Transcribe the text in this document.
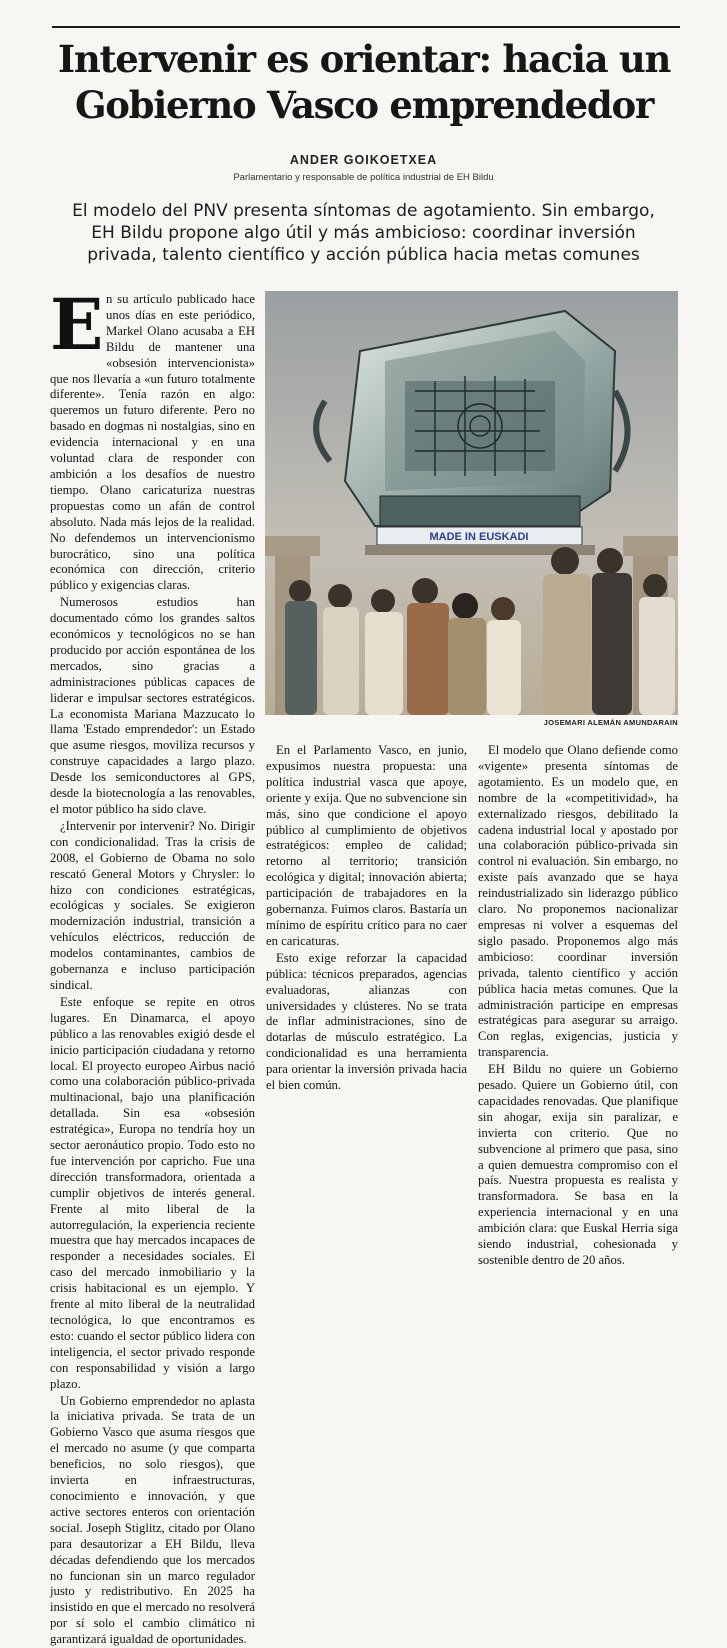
Intervenir es orientar: hacia un
Gobierno Vasco emprendedor
ANDER GOIKOETXEA
Parlamentario y responsable de política industrial de EH Bildu

El modelo del PNV presenta síntomas de agotamiento. Sin embargo,
EH Bildu propone algo útil y más ambicioso: coordinar inversión
privada, talento científico y acción pública hacia metas comunes

En su artículo publicado hace unos días en este periódico, Markel Olano acusaba a EH Bildu de mantener una «obsesión intervencionista» que nos llevaría a «un futuro totalmente diferente». Tenía razón en algo: queremos un futuro diferente. Pero no basado en dogmas ni nostalgias, sino en evidencia internacional y en una voluntad clara de responder con ambición a los desafíos de nuestro tiempo. Olano caricaturiza nuestras propuestas como un afán de control absoluto. Nada más lejos de la realidad. No defendemos un intervencionismo burocrático, sino una política económica con dirección, criterio público y exigencias claras.

Numerosos estudios han documentado cómo los grandes saltos económicos y tecnológicos no se han producido por acción espontánea de los mercados, sino gracias a administraciones públicas capaces de liderar e impulsar sectores estratégicos. La economista Mariana Mazzucato lo llama 'Estado emprendedor': un Estado que asume riesgos, moviliza recursos y construye capacidades a largo plazo. Desde los semiconductores al GPS, desde la biotecnología a las renovables, el motor público ha sido clave.

¿Intervenir por intervenir? No. Dirigir con condicionalidad. Tras la crisis de 2008, el Gobierno de Obama no solo rescató General Motors y Chrysler: lo hizo con condiciones estratégicas, ecológicas y sociales. Se exigieron modernización industrial, transición a vehículos eléctricos, reducción de modelos contaminantes, cambios de gobernanza e incluso participación sindical.

Este enfoque se repite en otros lugares. En Dinamarca, el apoyo público a las renovables exigió desde el inicio participación ciudadana y retorno local. El proyecto europeo Airbus nació como una colaboración público-privada multinacional, bajo una planificación detallada. Sin esa «obsesión estratégica», Europa no tendría hoy un sector aeronáutico propio. Todo esto no fue intervención por capricho. Fue una dirección transformadora, orientada a cumplir objetivos de interés general. Frente al mito liberal de la autorregulación, la experiencia reciente muestra que hay mercados incapaces de responder a necesidades sociales. El caso del mercado inmobiliario y la crisis habitacional es un ejemplo. Y frente al mito liberal de la neutralidad tecnológica, lo que encontramos es esto: cuando el sector público lidera con inteligencia, el sector privado responde con responsabilidad y visión a largo plazo.

Un Gobierno emprendedor no aplasta la iniciativa privada. Se trata de un Gobierno Vasco que asuma riesgos que el mercado no asume (y que comparta beneficios, no solo riesgos), que invierta en infraestructuras, conocimiento e innovación, y que active sectores enteros con orientación social. Joseph Stiglitz, citado por Olano para desautorizar a EH Bildu, lleva décadas defendiendo que los mercados no funcionan sin un marco regulador justo y redistributivo. En 2025 ha insistido en que el mercado no resolverá por sí solo el cambio climático ni garantizará igualdad de oportunidades.

MADE IN EUSKADI
JOSEMARI ALEMÁN AMUNDARAIN

En el Parlamento Vasco, en junio, expusimos nuestra propuesta: una política industrial vasca que apoye, oriente y exija. Que no subvencione sin más, sino que condicione el apoyo público al cumplimiento de objetivos estratégicos: empleo de calidad; retorno al territorio; transición ecológica y digital; innovación abierta; participación de trabajadores en la gobernanza. Fuimos claros. Bastaría un mínimo de espíritu crítico para no caer en caricaturas.

Esto exige reforzar la capacidad pública: técnicos preparados, agencias evaluadoras, alianzas con universidades y clústeres. No se trata de inflar administraciones, sino de dotarlas de músculo estratégico. La condicionalidad es una herramienta para orientar la inversión privada hacia el bien común.

El modelo que Olano defiende como «vigente» presenta síntomas de agotamiento. Es un modelo que, en nombre de la «competitividad», ha externalizado riesgos, debilitado la cadena industrial local y apostado por una colaboración público-privada sin control ni evaluación. Sin embargo, no existe país avanzado que se haya reindustrializado sin liderazgo público claro. No proponemos nacionalizar empresas ni volver a esquemas del siglo pasado. Proponemos algo más ambicioso: coordinar inversión privada, talento científico y acción pública hacia metas comunes. Que la administración participe en empresas estratégicas para asegurar su arraigo. Con reglas, exigencias, justicia y transparencia.

EH Bildu no quiere un Gobierno pesado. Quiere un Gobierno útil, con capacidades renovadas. Que planifique sin ahogar, exija sin paralizar, e invierta con criterio. Que no subvencione al primero que pasa, sino a quien demuestra compromiso con el país. Nuestra propuesta es realista y transformadora. Se basa en la experiencia internacional y en una ambición clara: que Euskal Herria siga siendo industrial, cohesionada y sostenible dentro de 20 años.
